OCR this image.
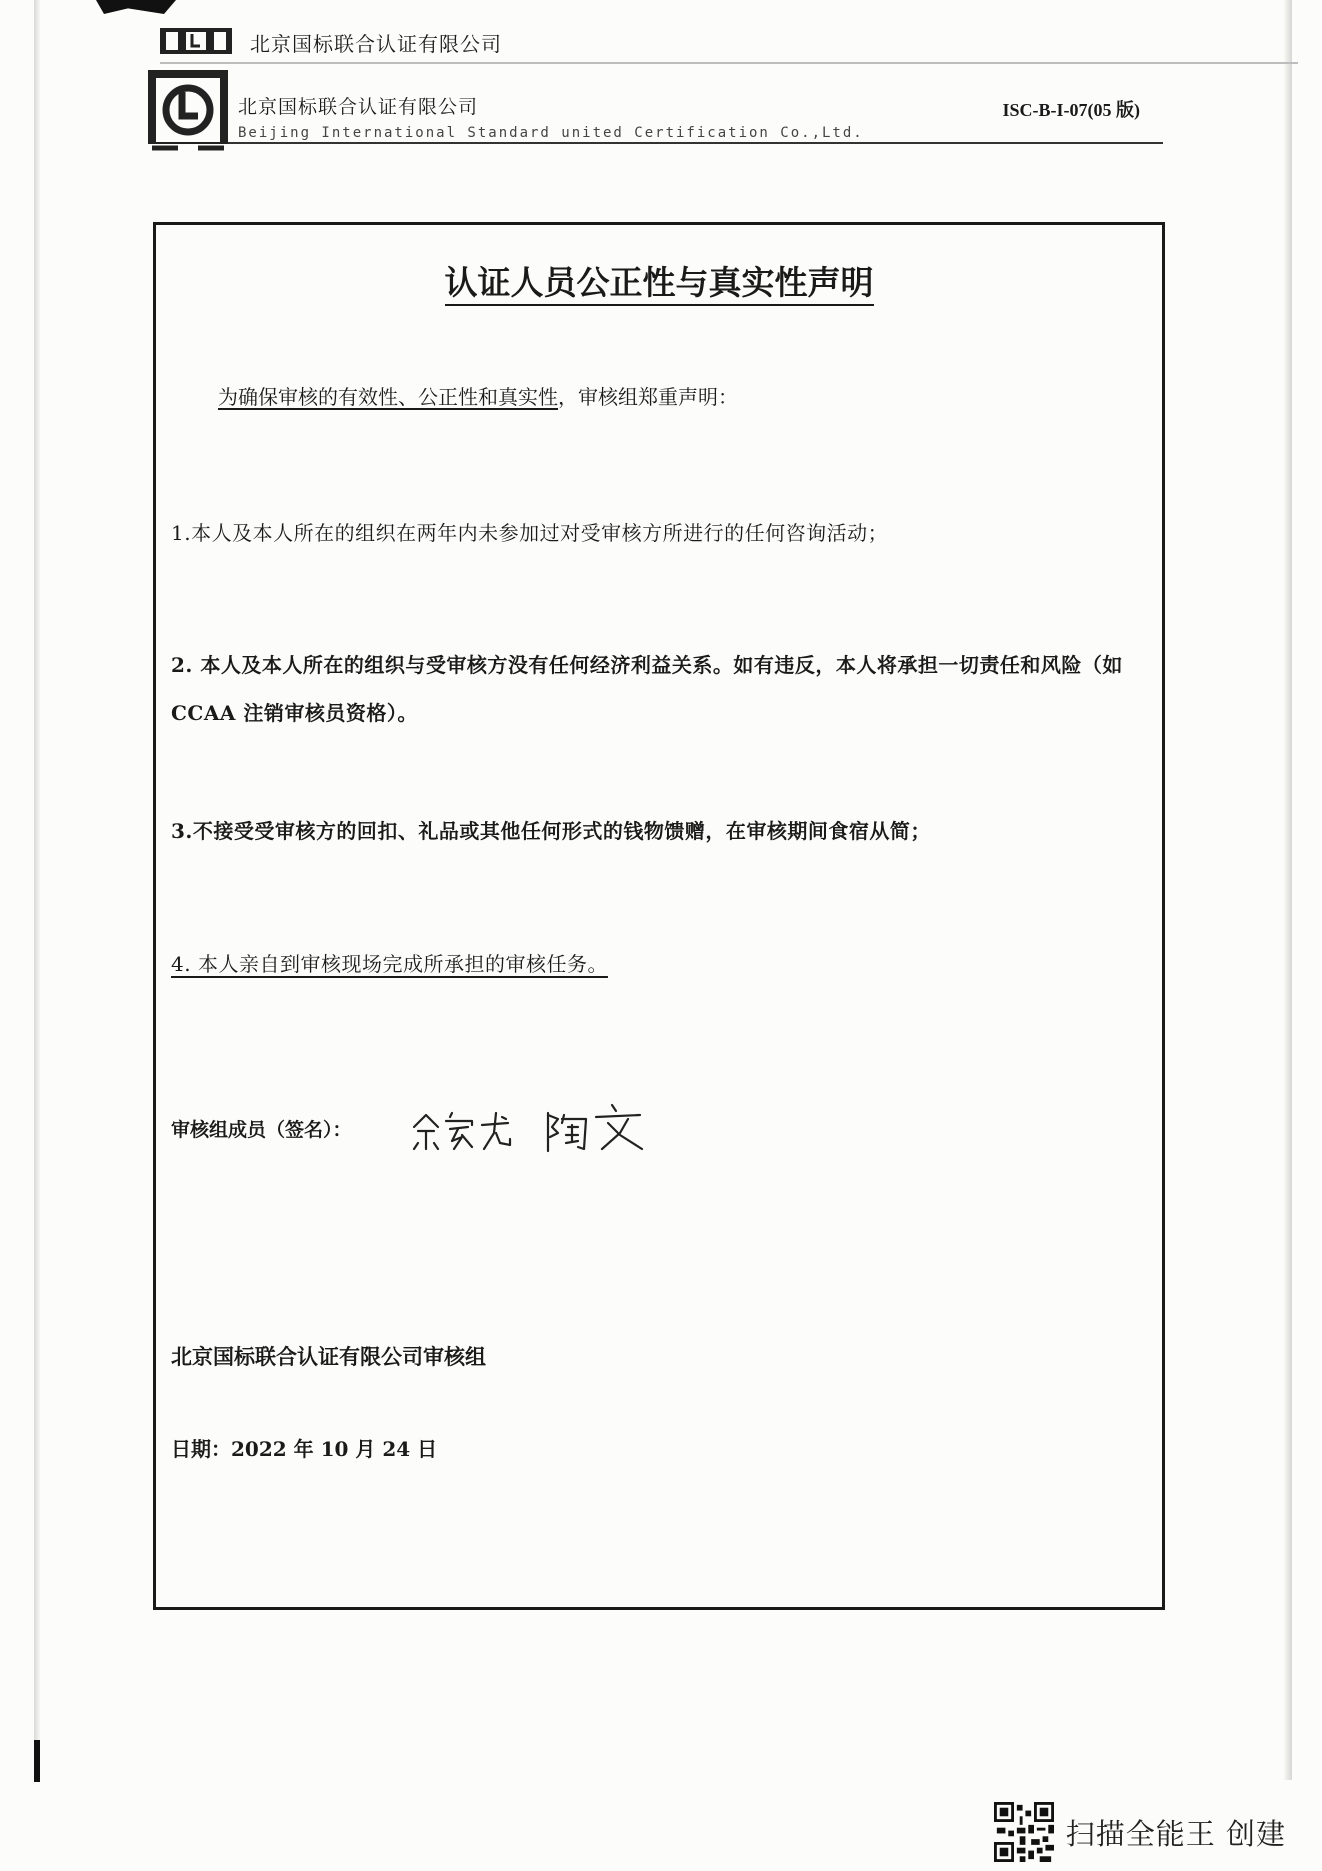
北京国标联合认证有限公司
北京国标联合认证有限公司
Beijing International Standard united Certification Co.,Ltd.
ISC-B-I-07(05 版)
认证人员公正性与真实性声明
为确保审核的有效性、公正性和真实性，审核组郑重声明：
1.本人及本人所在的组织在两年内未参加过对受审核方所进行的任何咨询活动；
2. 本人及本人所在的组织与受审核方没有任何经济利益关系。如有违反，本人将承担一切责任和风险（如 CCAA 注销审核员资格）。
3.不接受受审核方的回扣、礼品或其他任何形式的钱物馈赠，在审核期间食宿从简；
4. 本人亲自到审核现场完成所承担的审核任务。
审核组成员（签名）：
北京国标联合认证有限公司审核组
日期：2022 年 10 月 24 日
扫描全能王 创建
